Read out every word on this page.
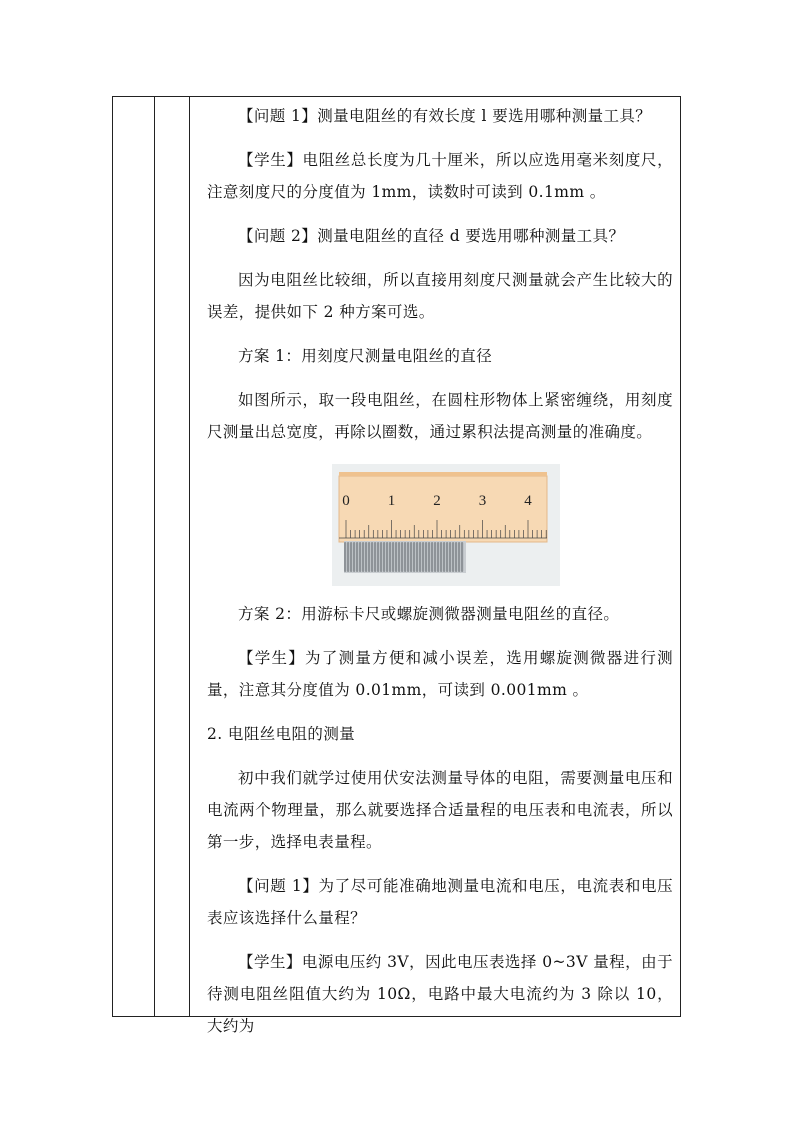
【问题 1】测量电阻丝的有效长度 l 要选用哪种测量工具？

【学生】电阻丝总长度为几十厘米，所以应选用毫米刻度尺，注意刻度尺的分度值为 1mm，读数时可读到 0.1mm 。

【问题 2】测量电阻丝的直径 d 要选用哪种测量工具？

因为电阻丝比较细，所以直接用刻度尺测量就会产生比较大的误差，提供如下 2 种方案可选。

方案 1：用刻度尺测量电阻丝的直径

如图所示，取一段电阻丝，在圆柱形物体上紧密缠绕，用刻度尺测量出总宽度，再除以圈数，通过累积法提高测量的准确度。

0	1	2	3	4

方案 2：用游标卡尺或螺旋测微器测量电阻丝的直径。

【学生】为了测量方便和减小误差，选用螺旋测微器进行测量，注意其分度值为 0.01mm，可读到 0.001mm 。

2. 电阻丝电阻的测量

初中我们就学过使用伏安法测量导体的电阻，需要测量电压和电流两个物理量，那么就要选择合适量程的电压表和电流表，所以第一步，选择电表量程。

【问题 1】为了尽可能准确地测量电流和电压，电流表和电压表应该选择什么量程？

【学生】电源电压约 3V，因此电压表选择 0~3V 量程，由于待测电阻丝阻值大约为 10Ω，电路中最大电流约为 3 除以 10，大约为
